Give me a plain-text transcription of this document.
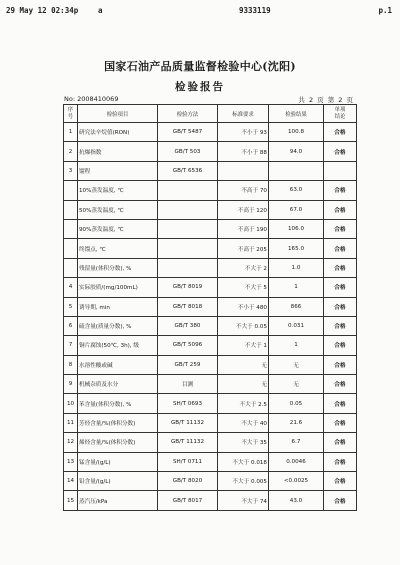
29 May 12 02:34p	a	9333119	p.1
国家石油产品质量监督检验中心(沈阳)
检验报告
No: 2008410069	共 2 页 第 2 页
序
号	检验项目	检验方法	标准要求	检验结果	单项
结论

1	研究法辛烷值(RON)	GB/T 5487	不小于 93	100.8	合格
2	抗爆指数	GB/T 503	不小于 88	94.0	合格
3	馏程	GB/T 6536			
	10%蒸发温度, ℃		不高于 70	63.0	合格
	50%蒸发温度, ℃		不高于 120	67.0	合格
	90%蒸发温度, ℃		不高于 190	106.0	合格
	终馏点, ℃		不高于 205	165.0	合格
	残留量(体积分数), %		不大于 2	1.0	合格
4	实际胶质/(mg/100mL)	GB/T 8019	不大于 5	1	合格
5	诱导期, min	GB/T 8018	不小于 480	866	合格
6	硫含量(质量分数), %	GB/T 380	不大于 0.05	0.031	合格
7	铜片腐蚀(50℃, 3h), 级	GB/T 5096	不大于 1	1	合格
8	水溶性酸或碱	GB/T 259	无	无	合格
9	机械杂质及水分	目测	无	无	合格
10	苯含量(体积分数), %	SH/T 0693	不大于 2.5	0.05	合格
11	芳烃含量/%(体积分数)	GB/T 11132	不大于 40	21.6	合格
12	烯烃含量/%(体积分数)	GB/T 11132	不大于 35	6.7	合格
13	锰含量/(g/L)	SH/T 0711	不大于 0.018	0.0046	合格
14	铅含量/(g/L)	GB/T 8020	不大于 0.005	<0.0025	合格
15	蒸汽压/kPa	GB/T 8017	不大于 74	43.0	合格
